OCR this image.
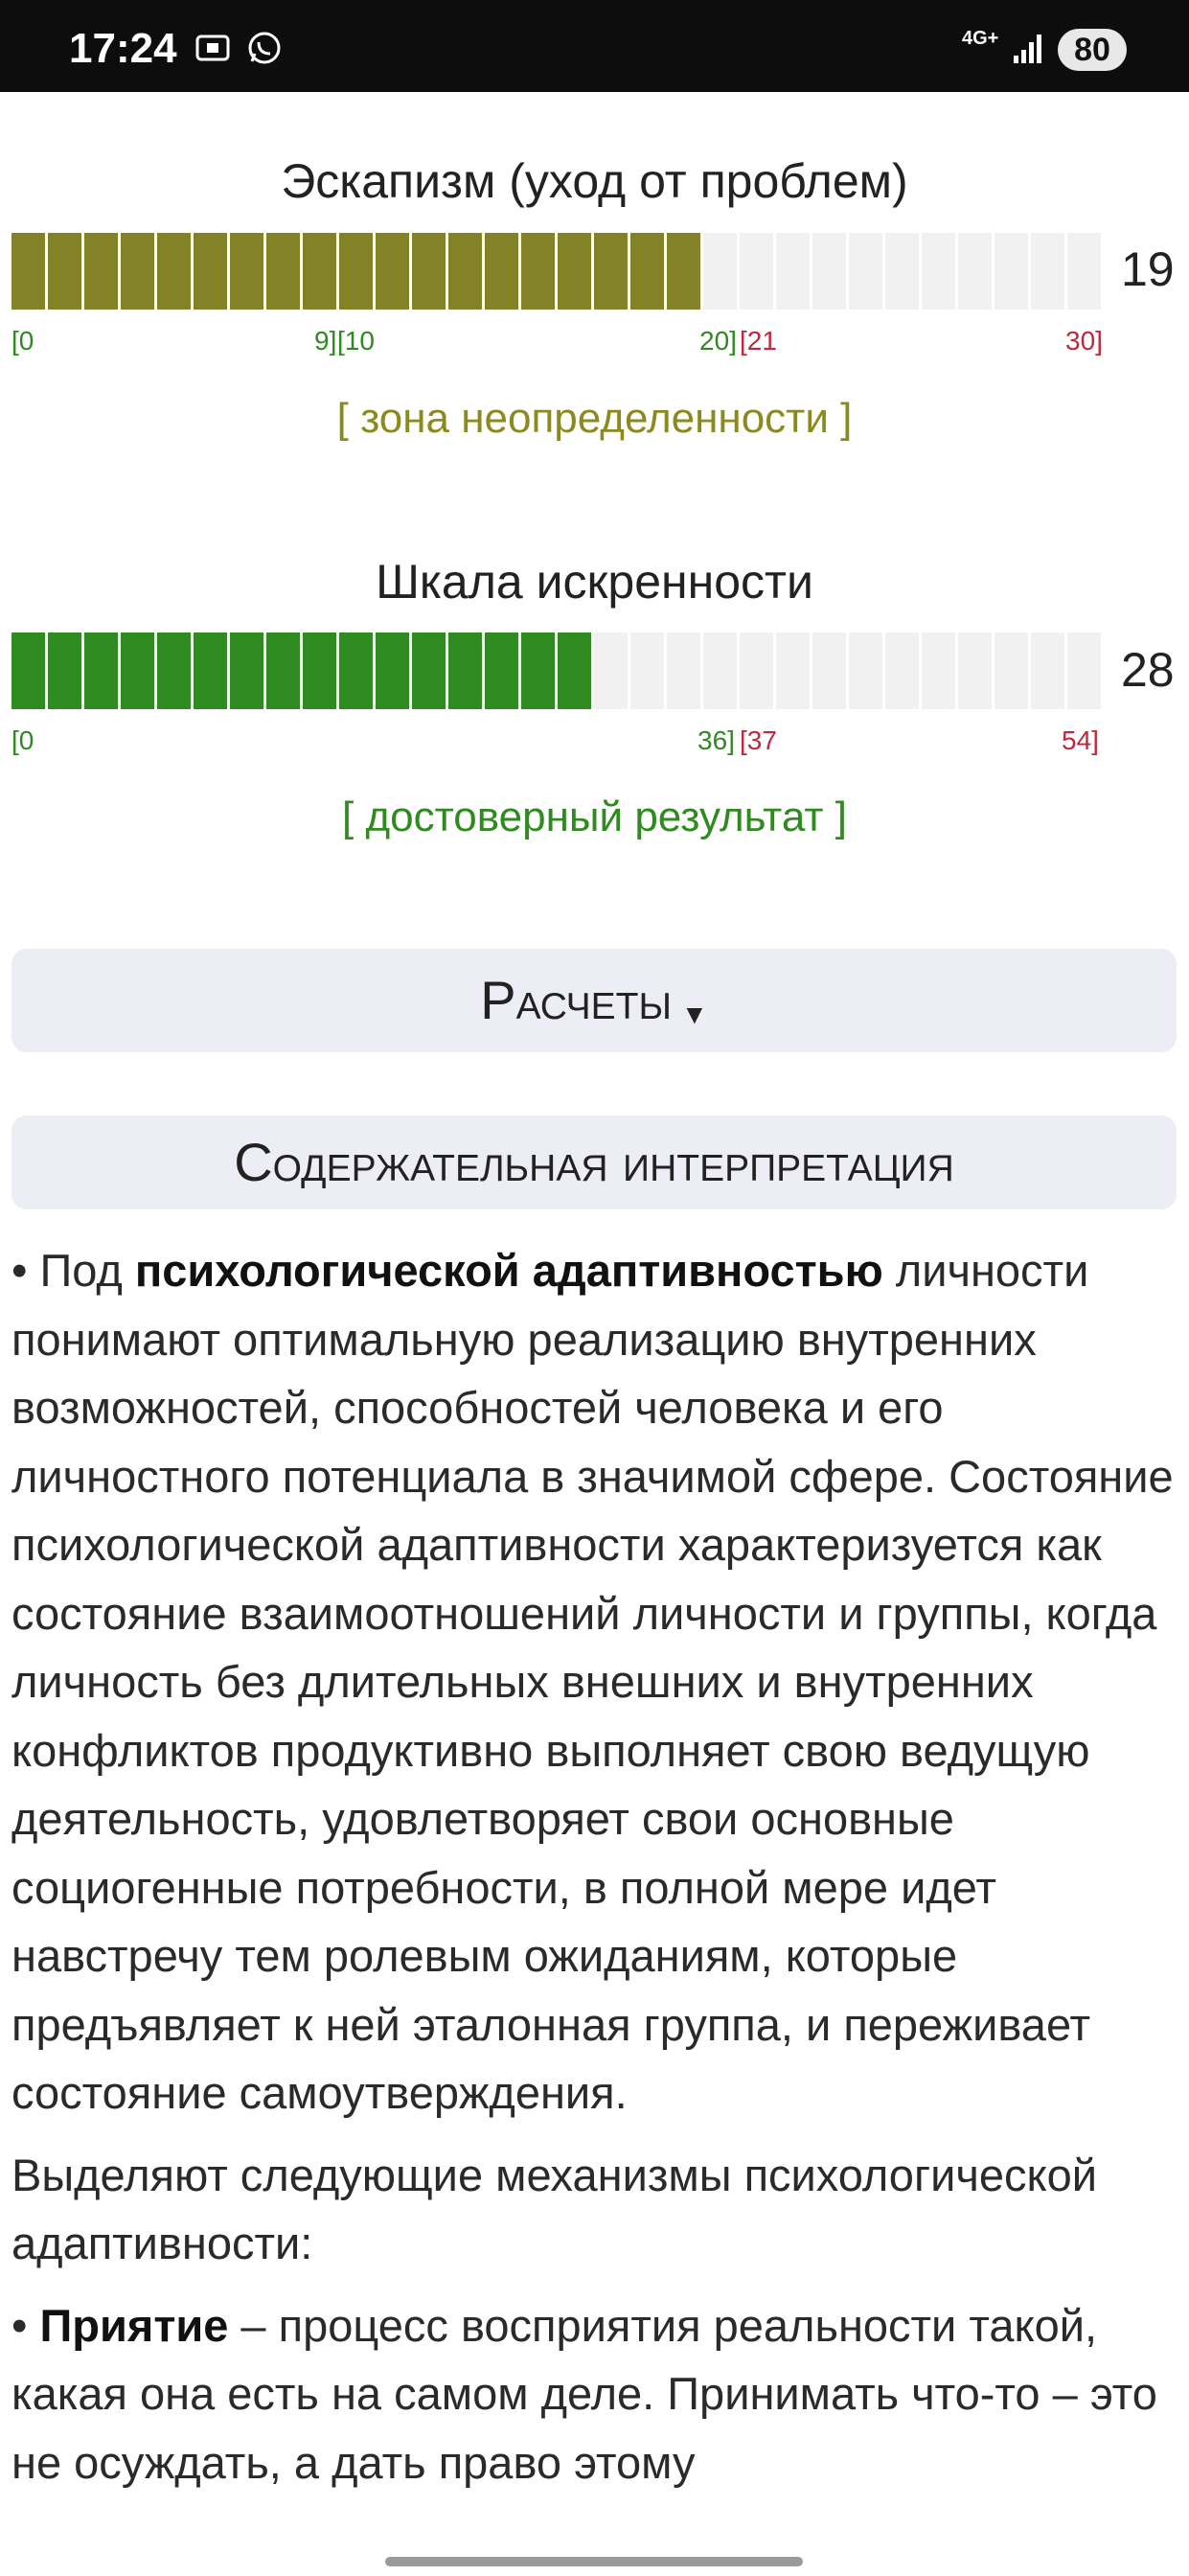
17:24	4G+	80
Эскапизм (уход от проблем)
19
[0	9] [10	20] [21	30]
[ зона неопределенности ]
Шкала искренности
28
[0	36] [37	54]
[ достоверный результат ]
Расчеты ▼
Содержательная интерпретация

• Под психологической адаптивностью личности понимают оптимальную реализацию внутренних возможностей, способностей человека и его личностного потенциала в значимой сфере. Состояние психологической адаптивности характеризуется как состояние взаимоотношений личности и группы, когда личность без длительных внешних и внутренних конфликтов продуктивно выполняет свою ведущую деятельность, удовлетворяет свои основные социогенные потребности, в полной мере идет навстречу тем ролевым ожиданиям, которые предъявляет к ней эталонная группа, и переживает состояние самоутверждения.

Выделяют следующие механизмы психологической адаптивности:

• Приятие – процесс восприятия реальности такой, какая она есть на самом деле. Принимать что-то – это не осуждать, а дать право этому
